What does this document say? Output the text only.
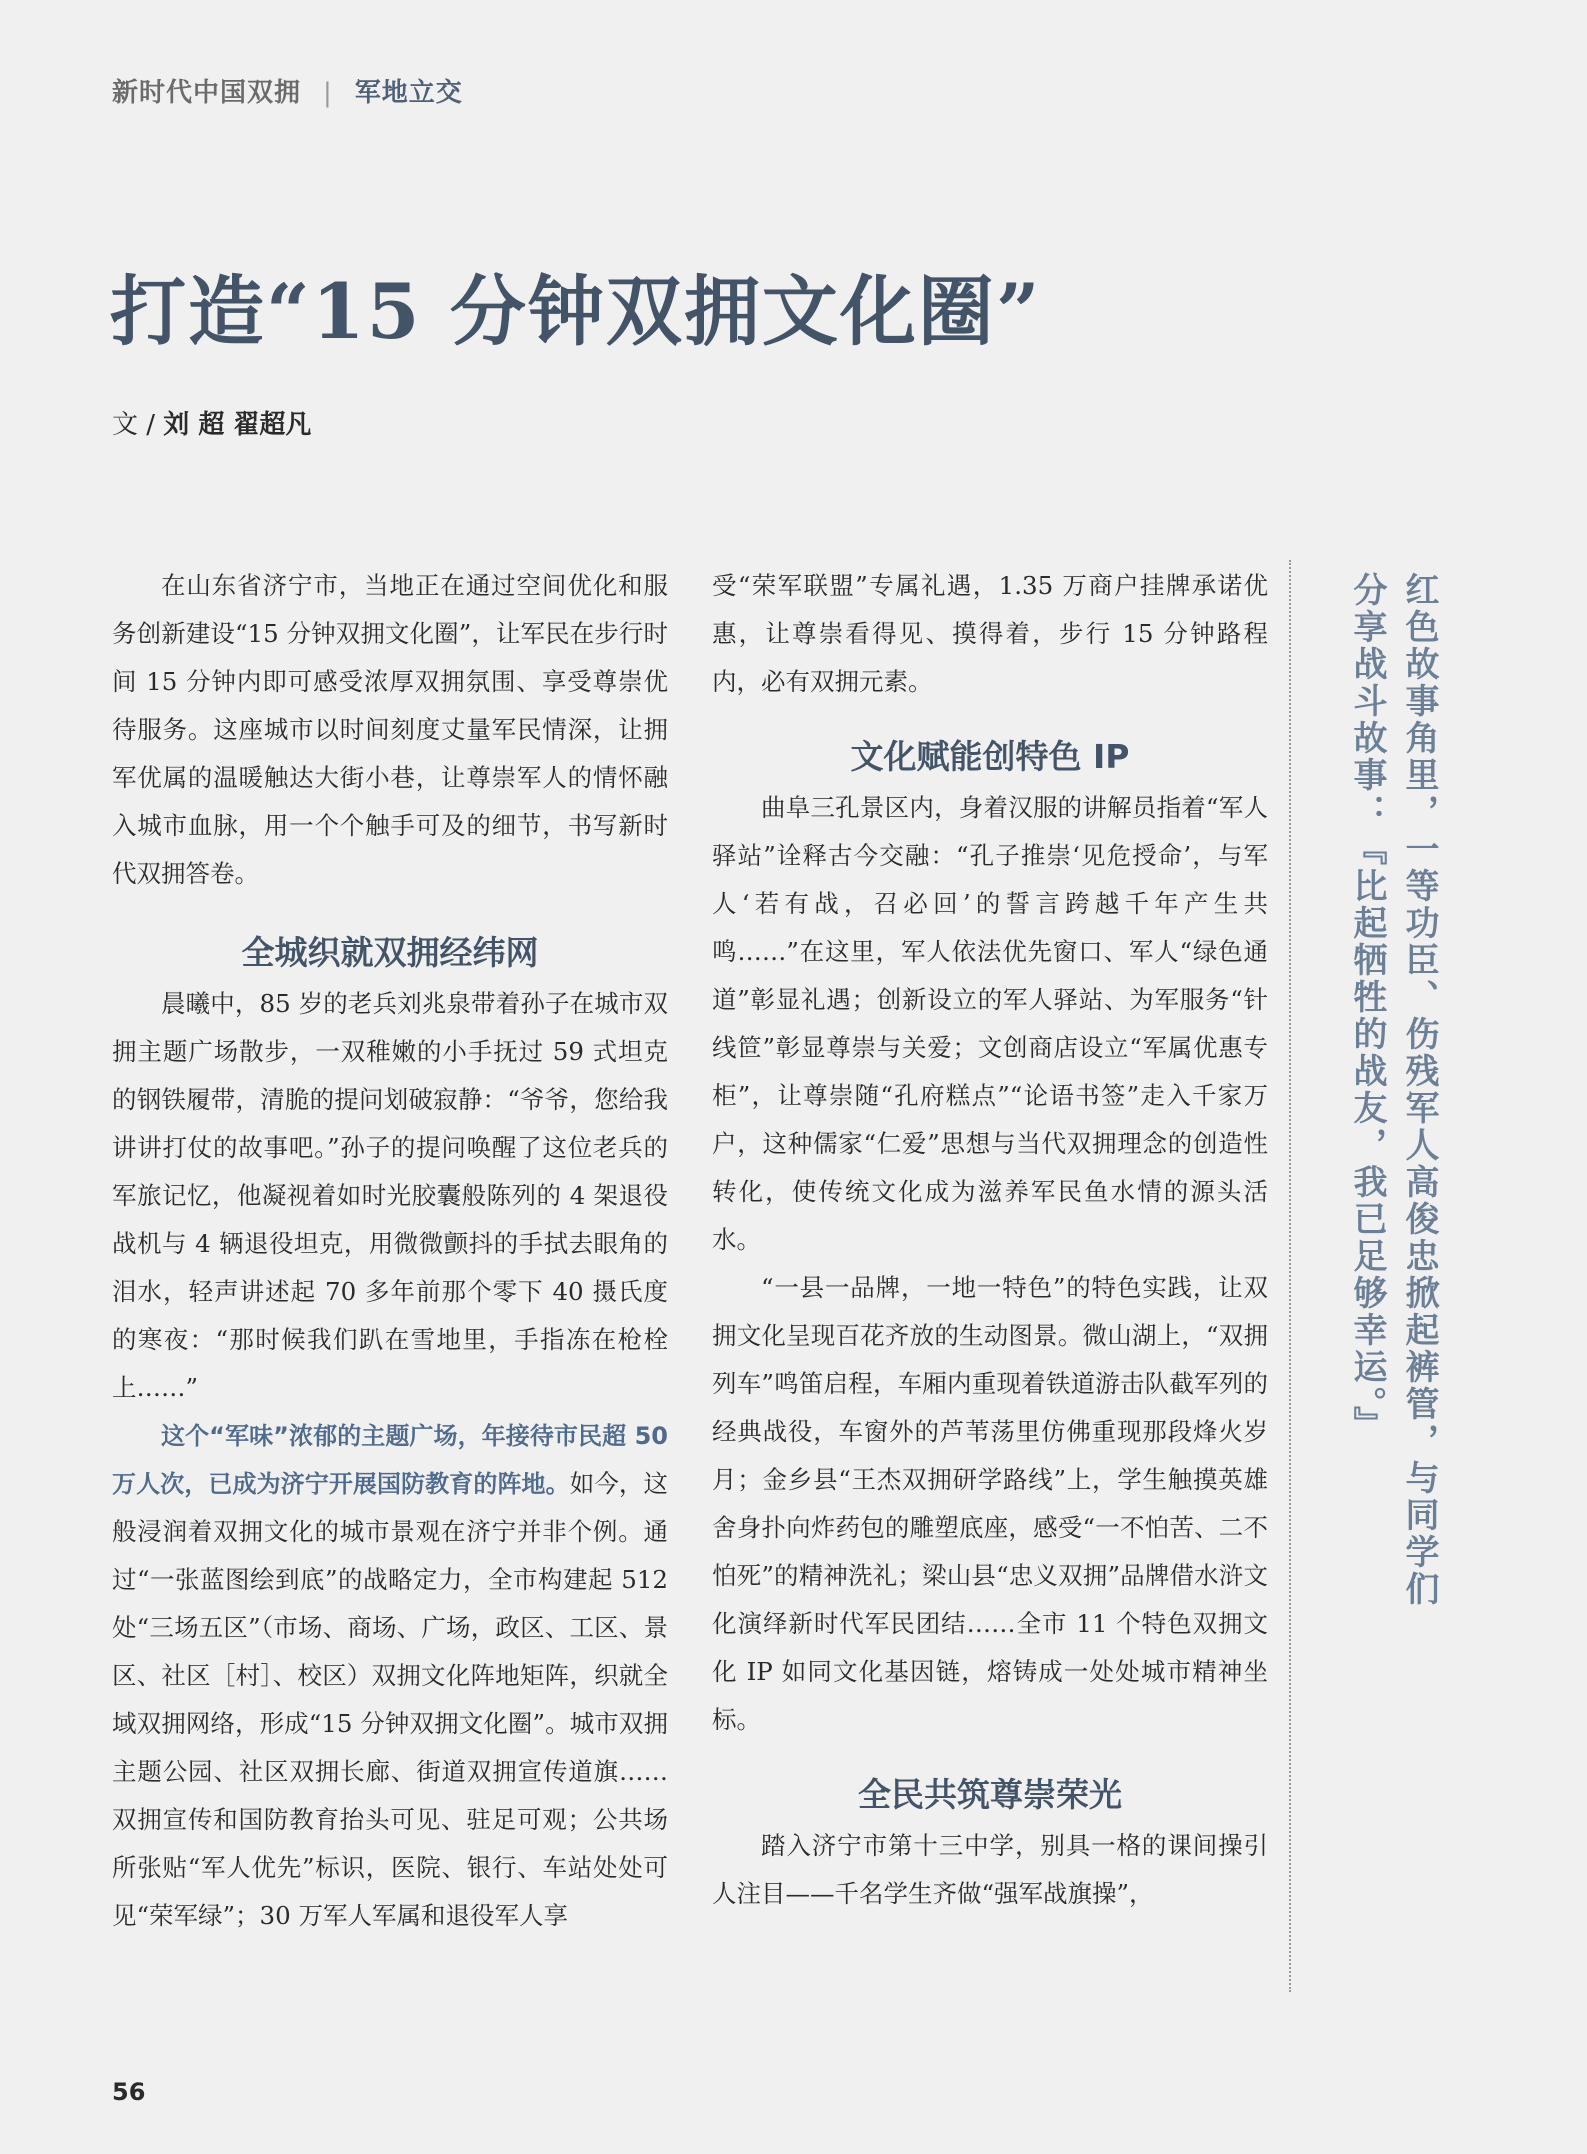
新时代中国双拥 | 军地立交
打造“15 分钟双拥文化圈”
文 / 刘 超 翟超凡

在山东省济宁市，当地正在通过空间优化和服务创新建设“15 分钟双拥文化圈”，让军民在步行时间 15 分钟内即可感受浓厚双拥氛围、享受尊崇优待服务。这座城市以时间刻度丈量军民情深，让拥军优属的温暖触达大街小巷，让尊崇军人的情怀融入城市血脉，用一个个触手可及的细节，书写新时代双拥答卷。

全城织就双拥经纬网

晨曦中，85 岁的老兵刘兆泉带着孙子在城市双拥主题广场散步，一双稚嫩的小手抚过 59 式坦克的钢铁履带，清脆的提问划破寂静：“爷爷，您给我讲讲打仗的故事吧。”孙子的提问唤醒了这位老兵的军旅记忆，他凝视着如时光胶囊般陈列的 4 架退役战机与 4 辆退役坦克，用微微颤抖的手拭去眼角的泪水，轻声讲述起 70 多年前那个零下 40 摄氏度的寒夜：“那时候我们趴在雪地里，手指冻在枪栓上……”

这个“军味”浓郁的主题广场，年接待市民超 50 万人次，已成为济宁开展国防教育的阵地。如今，这般浸润着双拥文化的城市景观在济宁并非个例。通过“一张蓝图绘到底”的战略定力，全市构建起 512 处“三场五区”（市场、商场、广场，政区、工区、景区、社区［村］、校区）双拥文化阵地矩阵，织就全域双拥网络，形成“15 分钟双拥文化圈”。城市双拥主题公园、社区双拥长廊、街道双拥宣传道旗……双拥宣传和国防教育抬头可见、驻足可观；公共场所张贴“军人优先”标识，医院、银行、车站处处可见“荣军绿”；30 万军人军属和退役军人享

受“荣军联盟”专属礼遇，1.35 万商户挂牌承诺优惠，让尊崇看得见、摸得着，步行 15 分钟路程内，必有双拥元素。

文化赋能创特色 IP

曲阜三孔景区内，身着汉服的讲解员指着“军人驿站”诠释古今交融：“孔子推崇‘见危授命’，与军人‘若有战，召必回’的誓言跨越千年产生共鸣……”在这里，军人依法优先窗口、军人“绿色通道”彰显礼遇；创新设立的军人驿站、为军服务“针线笸”彰显尊崇与关爱；文创商店设立“军属优惠专柜”，让尊崇随“孔府糕点”“论语书签”走入千家万户，这种儒家“仁爱”思想与当代双拥理念的创造性转化，使传统文化成为滋养军民鱼水情的源头活水。

“一县一品牌，一地一特色”的特色实践，让双拥文化呈现百花齐放的生动图景。微山湖上，“双拥列车”鸣笛启程，车厢内重现着铁道游击队截军列的经典战役，车窗外的芦苇荡里仿佛重现那段烽火岁月；金乡县“王杰双拥研学路线”上，学生触摸英雄舍身扑向炸药包的雕塑底座，感受“一不怕苦、二不怕死”的精神洗礼；梁山县“忠义双拥”品牌借水浒文化演绎新时代军民团结……全市 11 个特色双拥文化 IP 如同文化基因链，熔铸成一处处城市精神坐标。

全民共筑尊崇荣光

踏入济宁市第十三中学，别具一格的课间操引人注目——千名学生齐做“强军战旗操”，

红色故事角里，一等功臣、伤残军人高俊忠掀起裤管，与同学们分享战斗故事：『比起牺牲的战友，我已足够幸运。』
56
